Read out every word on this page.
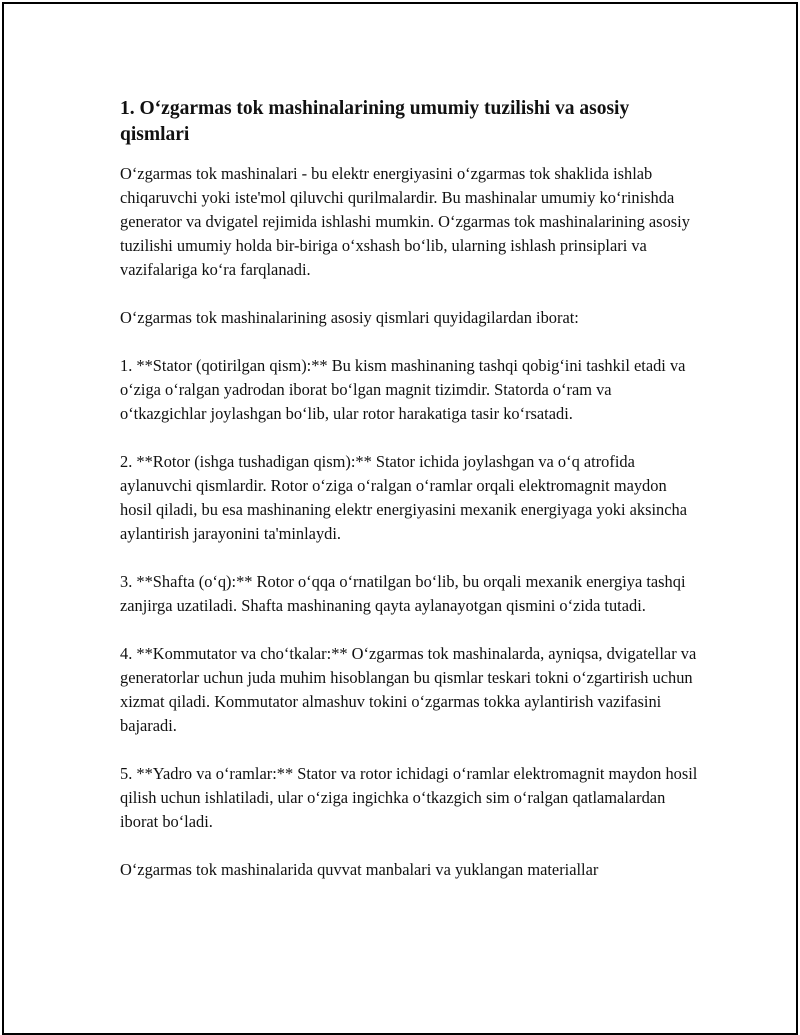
1. Oʻzgarmas tok mashinalarining umumiy tuzilishi va asosiy qismlari

Oʻzgarmas tok mashinalari - bu elektr energiyasini oʻzgarmas tok shaklida ishlab chiqaruvchi yoki iste'mol qiluvchi qurilmalardir. Bu mashinalar umumiy koʻrinishda generator va dvigatel rejimida ishlashi mumkin. Oʻzgarmas tok mashinalarining asosiy tuzilishi umumiy holda bir-biriga oʻxshash boʻlib, ularning ishlash prinsiplari va vazifalariga koʻra farqlanadi.

Oʻzgarmas tok mashinalarining asosiy qismlari quyidagilardan iborat:

1. **Stator (qotirilgan qism):** Bu kism mashinaning tashqi qobigʻini tashkil etadi va oʻziga oʻralgan yadrodan iborat boʻlgan magnit tizimdir. Statorda oʻram va oʻtkazgichlar joylashgan boʻlib, ular rotor harakatiga tasir koʻrsatadi.

2. **Rotor (ishga tushadigan qism):** Stator ichida joylashgan va oʻq atrofida aylanuvchi qismlardir. Rotor oʻziga oʻralgan oʻramlar orqali elektromagnit maydon hosil qiladi, bu esa mashinaning elektr energiyasini mexanik energiyaga yoki aksincha aylantirish jarayonini ta'minlaydi.

3. **Shafta (oʻq):** Rotor oʻqqa oʻrnatilgan boʻlib, bu orqali mexanik energiya tashqi zanjirga uzatiladi. Shafta mashinaning qayta aylanayotgan qismini oʻzida tutadi.

4. **Kommutator va choʻtkalar:** Oʻzgarmas tok mashinalarda, ayniqsa, dvigatellar va generatorlar uchun juda muhim hisoblangan bu qismlar teskari tokni oʻzgartirish uchun xizmat qiladi. Kommutator almashuv tokini oʻzgarmas tokka aylantirish vazifasini bajaradi.

5. **Yadro va oʻramlar:** Stator va rotor ichidagi oʻramlar elektromagnit maydon hosil qilish uchun ishlatiladi, ular oʻziga ingichka oʻtkazgich sim oʻralgan qatlamalardan iborat boʻladi.

Oʻzgarmas tok mashinalarida quvvat manbalari va yuklangan materiallar
